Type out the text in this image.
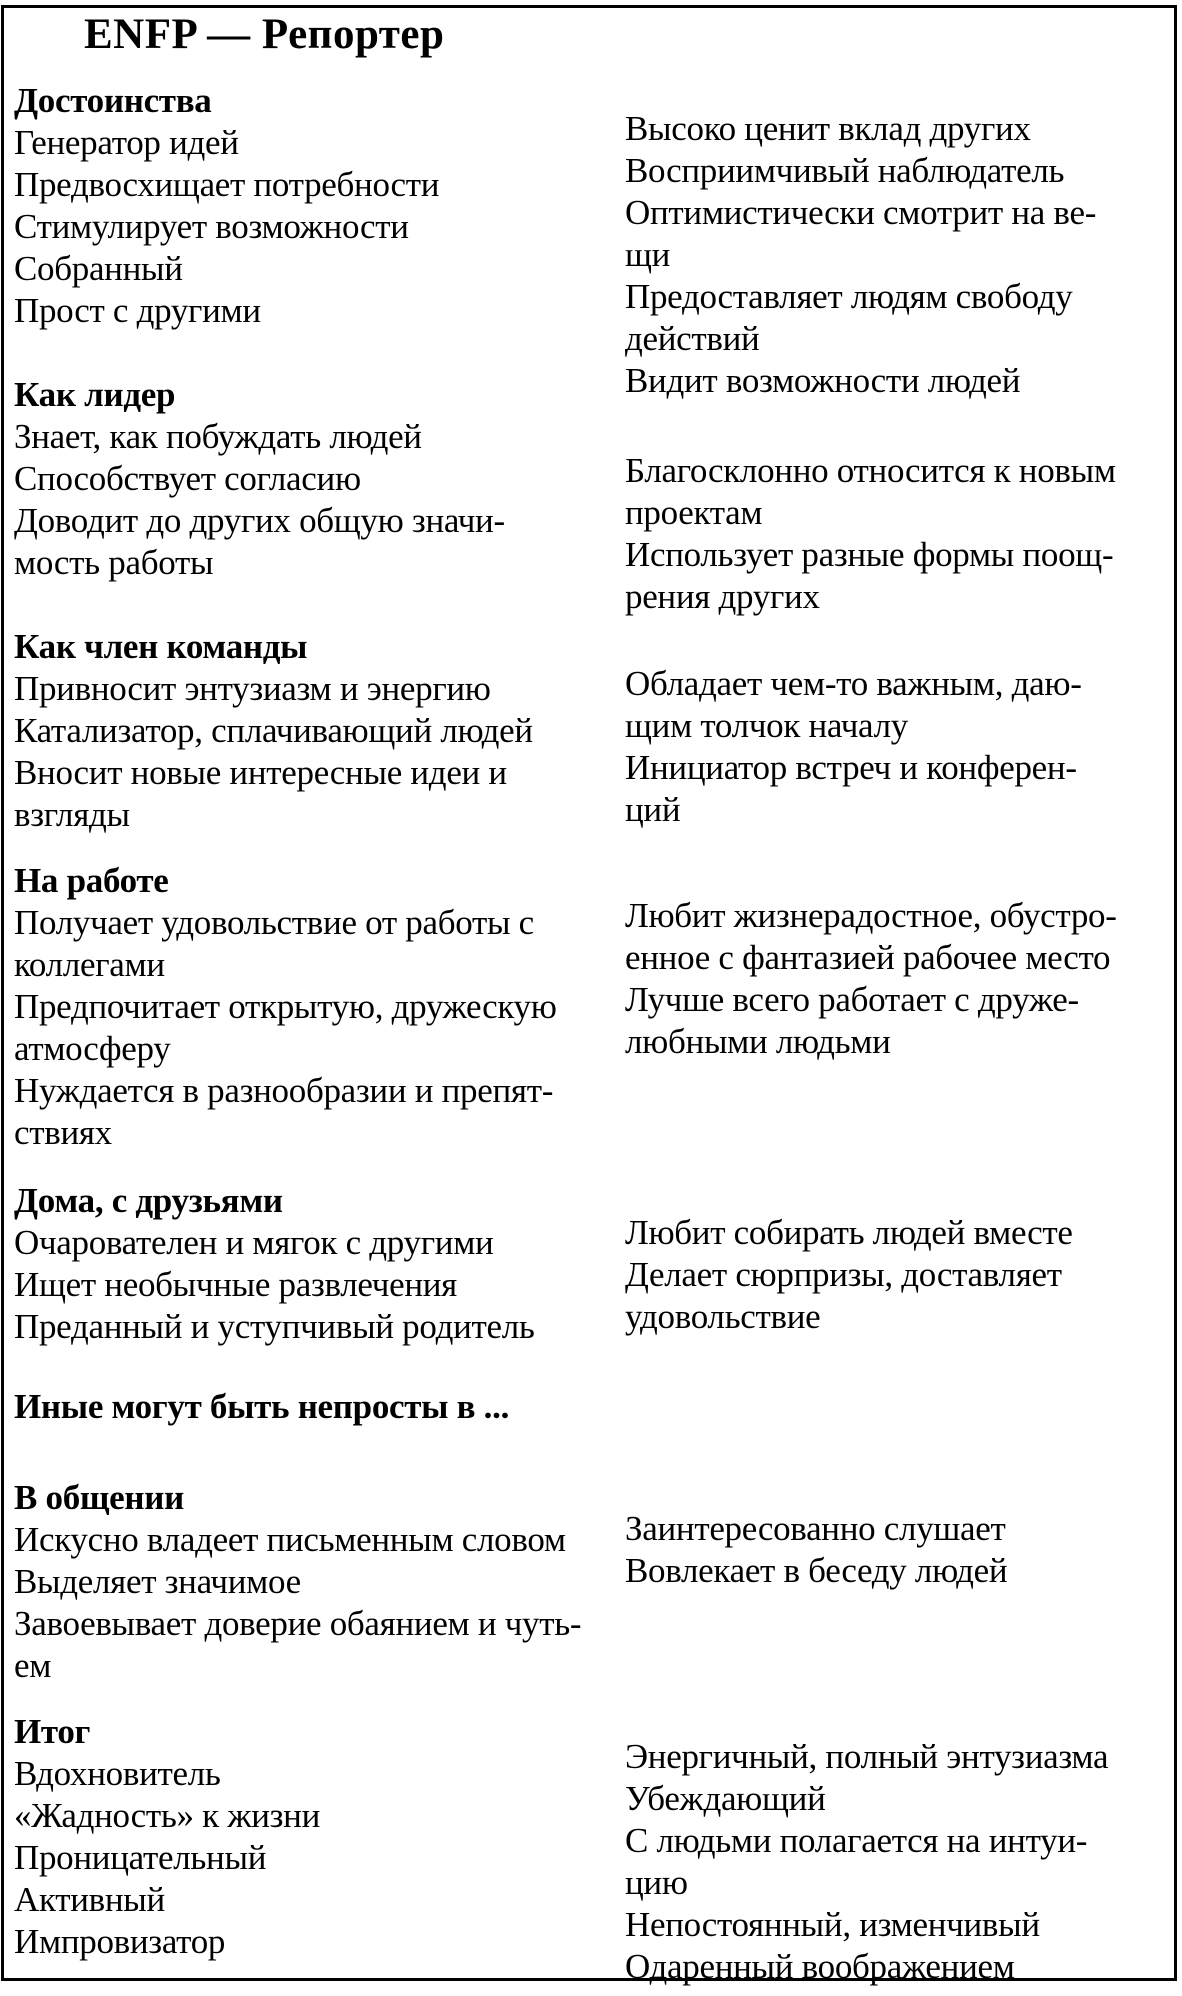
ENFP — Репортер
Достоинства
Генератор идей
Предвосхищает потребности
Стимулирует возможности
Собранный
Прост с другими
Как лидер
Знает, как побуждать людей
Способствует согласию
Доводит до других общую значи-
мость работы
Как член команды
Привносит энтузиазм и энергию
Катализатор, сплачивающий людей
Вносит новые интересные идеи и
взгляды
На работе
Получает удовольствие от работы с
коллегами
Предпочитает открытую, дружескую
атмосферу
Нуждается в разнообразии и препят-
ствиях
Дома, с друзьями
Очарователен и мягок с другими
Ищет необычные развлечения
Преданный и уступчивый родитель
Иные могут быть непросты в ...
В общении
Искусно владеет письменным словом
Выделяет значимое
Завоевывает доверие обаянием и чуть-
ем
Итог
Вдохновитель
«Жадность» к жизни
Проницательный
Активный
Импровизатор
Высоко ценит вклад других
Восприимчивый наблюдатель
Оптимистически смотрит на ве-
щи
Предоставляет людям свободу
действий
Видит возможности людей
Благосклонно относится к новым
проектам
Использует разные формы поощ-
рения других
Обладает чем-то важным, даю-
щим толчок началу
Инициатор встреч и конферен-
ций
Любит жизнерадостное, обустро-
енное с фантазией рабочее место
Лучше всего работает с друже-
любными людьми
Любит собирать людей вместе
Делает сюрпризы, доставляет
удовольствие
Заинтересованно слушает
Вовлекает в беседу людей
Энергичный, полный энтузиазма
Убеждающий
С людьми полагается на интуи-
цию
Непостоянный, изменчивый
Одаренный воображением
